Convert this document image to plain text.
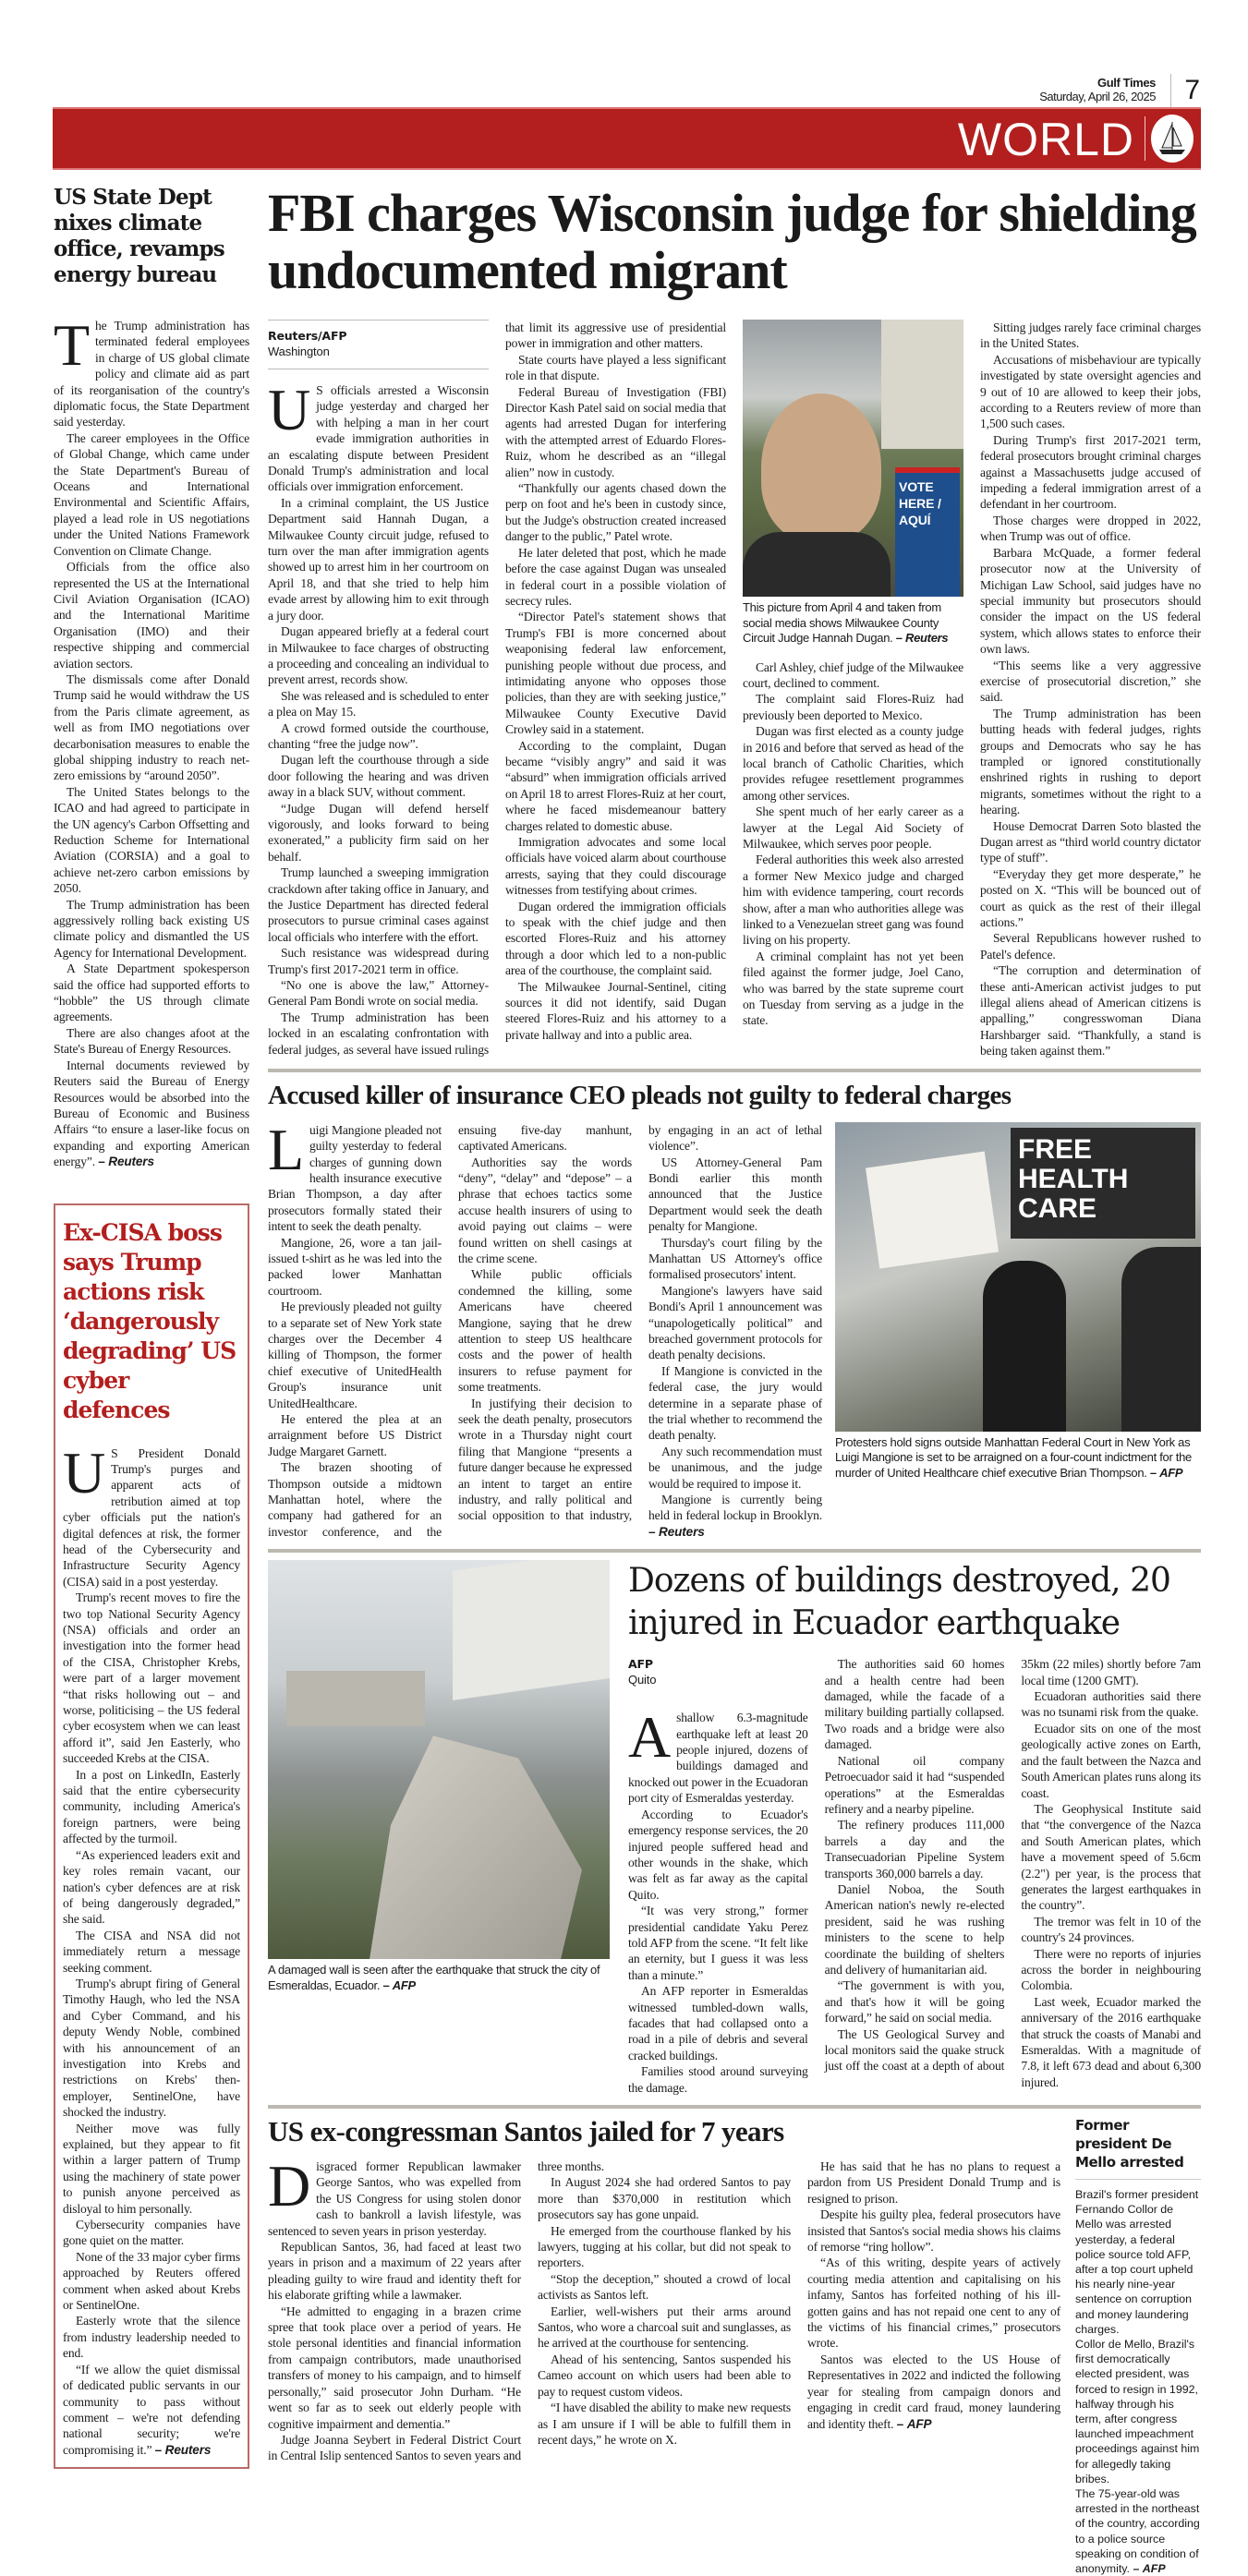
Gulf Times
Saturday, April 26, 2025	7
WORLD
US State Dept nixes climate office, revamps energy bureau

The Trump administration has terminated federal employees in charge of US global climate policy and climate aid as part of its reorganisation of the country's diplomatic focus, the State Department said yesterday.

The career employees in the Office of Global Change, which came under the State Department's Bureau of Oceans and International Environmental and Scientific Affairs, played a lead role in US negotiations under the United Nations Framework Convention on Climate Change.

Officials from the office also represented the US at the International Civil Aviation Organisation (ICAO) and the International Maritime Organisation (IMO) and their respective shipping and commercial aviation sectors.

The dismissals come after Donald Trump said he would withdraw the US from the Paris climate agreement, as well as from IMO negotiations over decarbonisation measures to enable the global shipping industry to reach net-zero emissions by “around 2050”.

The United States belongs to the ICAO and had agreed to participate in the UN agency's Carbon Offsetting and Reduction Scheme for International Aviation (CORSIA) and a goal to achieve net-zero carbon emissions by 2050.

The Trump administration has been aggressively rolling back existing US climate policy and dismantled the US Agency for International Development.

A State Department spokesperson said the office had supported efforts to “hobble” the US through climate agreements.

There are also changes afoot at the State's Bureau of Energy Resources.

Internal documents reviewed by Reuters said the Bureau of Energy Resources would be absorbed into the Bureau of Economic and Business Affairs “to ensure a laser-like focus on expanding and exporting American energy”. – Reuters

Ex-CISA boss says Trump actions risk ‘dangerously degrading’ US cyber defences

US President Donald Trump's purges and apparent acts of retribution aimed at top cyber officials put the nation's digital defences at risk, the former head of the Cybersecurity and Infrastructure Security Agency (CISA) said in a post yesterday.

Trump's recent moves to fire the two top National Security Agency (NSA) officials and order an investigation into the former head of the CISA, Christopher Krebs, were part of a larger movement “that risks hollowing out – and worse, politicising – the US federal cyber ecosystem when we can least afford it”, said Jen Easterly, who succeeded Krebs at the CISA.

In a post on LinkedIn, Easterly said that the entire cybersecurity community, including America's foreign partners, were being affected by the turmoil.

“As experienced leaders exit and key roles remain vacant, our nation's cyber defences are at risk of being dangerously degraded,” she said.

The CISA and NSA did not immediately return a message seeking comment.

Trump's abrupt firing of General Timothy Haugh, who led the NSA and Cyber Command, and his deputy Wendy Noble, combined with his announcement of an investigation into Krebs and restrictions on Krebs' then-employer, SentinelOne, have shocked the industry.

Neither move was fully explained, but they appear to fit within a larger pattern of Trump using the machinery of state power to punish anyone perceived as disloyal to him personally.

Cybersecurity companies have gone quiet on the matter.

None of the 33 major cyber firms approached by Reuters offered comment when asked about Krebs or SentinelOne.

Easterly wrote that the silence from industry leadership needed to end.

“If we allow the quiet dismissal of dedicated public servants in our community to pass without comment – we're not defending national security; we're compromising it.” – Reuters

FBI charges Wisconsin judge for shielding undocumented migrant
Reuters/AFP
Washington

US officials arrested a Wisconsin judge yesterday and charged her with helping a man in her court evade immigration authorities in an escalating dispute between President Donald Trump's administration and local officials over immigration enforcement.

In a criminal complaint, the US Justice Department said Hannah Dugan, a Milwaukee County circuit judge, refused to turn over the man after immigration agents showed up to arrest him in her courtroom on April 18, and that she tried to help him evade arrest by allowing him to exit through a jury door.

Dugan appeared briefly at a federal court in Milwaukee to face charges of obstructing a proceeding and concealing an individual to prevent arrest, records show.

She was released and is scheduled to enter a plea on May 15.

A crowd formed outside the courthouse, chanting “free the judge now”.

Dugan left the courthouse through a side door following the hearing and was driven away in a black SUV, without comment.

“Judge Dugan will defend herself vigorously, and looks forward to being exonerated,” a publicity firm said on her behalf.

Trump launched a sweeping immigration crackdown after taking office in January, and the Justice Department has directed federal prosecutors to pursue criminal cases against local officials who interfere with the effort.

Such resistance was widespread during Trump's first 2017-2021 term in office.

“No one is above the law,” Attorney-General Pam Bondi wrote on social media.

The Trump administration has been locked in an escalating confrontation with federal judges, as several have issued rulings that limit its aggressive use of presidential power in immigration and other matters.

State courts have played a less significant role in that dispute.

Federal Bureau of Investigation (FBI) Director Kash Patel said on social media that agents had arrested Dugan for interfering with the attempted arrest of Eduardo Flores-Ruiz, whom he described as an “illegal alien” now in custody.

“Thankfully our agents chased down the perp on foot and he's been in custody since, but the Judge's obstruction created increased danger to the public,” Patel wrote.

He later deleted that post, which he made before the case against Dugan was unsealed in federal court in a possible violation of secrecy rules.

“Director Patel's statement shows that Trump's FBI is more concerned about weaponising federal law enforcement, punishing people without due process, and intimidating anyone who opposes those policies, than they are with seeking justice,” Milwaukee County Executive David Crowley said in a statement.

According to the complaint, Dugan became “visibly angry” and said it was “absurd” when immigration officials arrived on April 18 to arrest Flores-Ruiz at her court, where he faced misdemeanour battery charges related to domestic abuse.

Immigration advocates and some local officials have voiced alarm about courthouse arrests, saying that they could discourage witnesses from testifying about crimes.

Dugan ordered the immigration officials to speak with the chief judge and then escorted Flores-Ruiz and his attorney through a door which led to a non-public area of the courthouse, the complaint said.

The Milwaukee Journal-Sentinel, citing sources it did not identify, said Dugan steered Flores-Ruiz and his attorney to a private hallway and into a public area.

VOTE HERE / AQUÍ
This picture from April 4 and taken from social media shows Milwaukee County Circuit Judge Hannah Dugan. – Reuters

Carl Ashley, chief judge of the Milwaukee court, declined to comment.

The complaint said Flores-Ruiz had previously been deported to Mexico.

Dugan was first elected as a county judge in 2016 and before that served as head of the local branch of Catholic Charities, which provides refugee resettlement programmes among other services.

She spent much of her early career as a lawyer at the Legal Aid Society of Milwaukee, which serves poor people.

Federal authorities this week also arrested a former New Mexico judge and charged him with evidence tampering, court records show, after a man who authorities allege was linked to a Venezuelan street gang was found living on his property.

A criminal complaint has not yet been filed against the former judge, Joel Cano, who was barred by the state supreme court on Tuesday from serving as a judge in the state.

Sitting judges rarely face criminal charges in the United States.

Accusations of misbehaviour are typically investigated by state oversight agencies and 9 out of 10 are allowed to keep their jobs, according to a Reuters review of more than 1,500 such cases.

During Trump's first 2017-2021 term, federal prosecutors brought criminal charges against a Massachusetts judge accused of impeding a federal immigration arrest of a defendant in her courtroom.

Those charges were dropped in 2022, when Trump was out of office.

Barbara McQuade, a former federal prosecutor now at the University of Michigan Law School, said judges have no special immunity but prosecutors should consider the impact on the US federal system, which allows states to enforce their own laws.

“This seems like a very aggressive exercise of prosecutorial discretion,” she said.

The Trump administration has been butting heads with federal judges, rights groups and Democrats who say he has trampled or ignored constitutionally enshrined rights in rushing to deport migrants, sometimes without the right to a hearing.

House Democrat Darren Soto blasted the Dugan arrest as “third world country dictator type of stuff”.

“Everyday they get more desperate,” he posted on X. “This will be bounced out of court as quick as the rest of their illegal actions.”

Several Republicans however rushed to Patel's defence.

“The corruption and determination of these anti-American activist judges to put illegal aliens ahead of American citizens is appalling,” congresswoman Diana Harshbarger said. “Thankfully, a stand is being taken against them.”

Accused killer of insurance CEO pleads not guilty to federal charges

Luigi Mangione pleaded not guilty yesterday to federal charges of gunning down health insurance executive Brian Thompson, a day after prosecutors formally stated their intent to seek the death penalty.

Mangione, 26, wore a tan jail-issued t-shirt as he was led into the packed lower Manhattan courtroom.

He previously pleaded not guilty to a separate set of New York state charges over the December 4 killing of Thompson, the former chief executive of UnitedHealth Group's insurance unit UnitedHealthcare.

He entered the plea at an arraignment before US District Judge Margaret Garnett.

The brazen shooting of Thompson outside a midtown Manhattan hotel, where the company had gathered for an investor conference, and the ensuing five-day manhunt, captivated Americans.

Authorities say the words “deny”, “delay” and “depose” – a phrase that echoes tactics some accuse health insurers of using to avoid paying out claims – were found written on shell casings at the crime scene.

While public officials condemned the killing, some Americans have cheered Mangione, saying that he drew attention to steep US healthcare costs and the power of health insurers to refuse payment for some treatments.

In justifying their decision to seek the death penalty, prosecutors wrote in a Thursday night court filing that Mangione “presents a future danger because he expressed an intent to target an entire industry, and rally political and social opposition to that industry, by engaging in an act of lethal violence”.

US Attorney-General Pam Bondi earlier this month announced that the Justice Department would seek the death penalty for Mangione.

Thursday's court filing by the Manhattan US Attorney's office formalised prosecutors' intent.

Mangione's lawyers have said Bondi's April 1 announcement was “unapologetically political” and breached government protocols for death penalty decisions.

If Mangione is convicted in the federal case, the jury would determine in a separate phase of the trial whether to recommend the death penalty.

Any such recommendation must be unanimous, and the judge would be required to impose it.

Mangione is currently being held in federal lockup in Brooklyn. – Reuters

FREE HEALTH CARE
Protesters hold signs outside Manhattan Federal Court in New York as Luigi Mangione is set to be arraigned on a four-count indictment for the murder of United Healthcare chief executive Brian Thompson. – AFP
A damaged wall is seen after the earthquake that struck the city of Esmeraldas, Ecuador. – AFP
Dozens of buildings destroyed, 20 injured in Ecuador earthquake
AFP
Quito

Ashallow 6.3-magnitude earthquake left at least 20 people injured, dozens of buildings damaged and knocked out power in the Ecuadoran port city of Esmeraldas yesterday.

According to Ecuador's emergency response services, the 20 injured people suffered head and other wounds in the shake, which was felt as far away as the capital Quito.

“It was very strong,” former presidential candidate Yaku Perez told AFP from the scene. “It felt like an eternity, but I guess it was less than a minute.”

An AFP reporter in Esmeraldas witnessed tumbled-down walls, facades that had collapsed onto a road in a pile of debris and several cracked buildings.

Families stood around surveying the damage.

The authorities said 60 homes and a health centre had been damaged, while the facade of a military building partially collapsed. Two roads and a bridge were also damaged.

National oil company Petroecuador said it had “suspended operations” at the Esmeraldas refinery and a nearby pipeline.

The refinery produces 111,000 barrels a day and the Transecuadorian Pipeline System transports 360,000 barrels a day.

Daniel Noboa, the South American nation's newly re-elected president, said he was rushing ministers to the scene to help coordinate the building of shelters and delivery of humanitarian aid.

“The government is with you, and that's how it will be going forward,” he said on social media.

The US Geological Survey and local monitors said the quake struck just off the coast at a depth of about 35km (22 miles) shortly before 7am local time (1200 GMT).

Ecuadoran authorities said there was no tsunami risk from the quake.

Ecuador sits on one of the most geologically active zones on Earth, and the fault between the Nazca and South American plates runs along its coast.

The Geophysical Institute said that “the convergence of the Nazca and South American plates, which have a movement speed of 5.6cm (2.2") per year, is the process that generates the largest earthquakes in the country”.

The tremor was felt in 10 of the country's 24 provinces.

There were no reports of injuries across the border in neighbouring Colombia.

Last week, Ecuador marked the anniversary of the 2016 earthquake that struck the coasts of Manabi and Esmeraldas. With a magnitude of 7.8, it left 673 dead and about 6,300 injured.

US ex-congressman Santos jailed for 7 years

Disgraced former Republican lawmaker George Santos, who was expelled from the US Congress for using stolen donor cash to bankroll a lavish lifestyle, was sentenced to seven years in prison yesterday.

Republican Santos, 36, had faced at least two years in prison and a maximum of 22 years after pleading guilty to wire fraud and identity theft for his elaborate grifting while a lawmaker.

“He admitted to engaging in a brazen crime spree that took place over a period of years. He stole personal identities and financial information from campaign contributors, made unauthorised transfers of money to his campaign, and to himself personally,” said prosecutor John Durham. “He went so far as to seek out elderly people with cognitive impairment and dementia.”

Judge Joanna Seybert in Federal District Court in Central Islip sentenced Santos to seven years and three months.

In August 2024 she had ordered Santos to pay more than $370,000 in restitution which prosecutors say has gone unpaid.

He emerged from the courthouse flanked by his lawyers, tugging at his collar, but did not speak to reporters.

“Stop the deception,” shouted a crowd of local activists as Santos left.

Earlier, well-wishers put their arms around Santos, who wore a charcoal suit and sunglasses, as he arrived at the courthouse for sentencing.

Ahead of his sentencing, Santos suspended his Cameo account on which users had been able to pay to request custom videos.

“I have disabled the ability to make new requests as I am unsure if I will be able to fulfill them in recent days,” he wrote on X.

He has said that he has no plans to request a pardon from US President Donald Trump and is resigned to prison.

Despite his guilty plea, federal prosecutors have insisted that Santos's social media shows his claims of remorse “ring hollow”.

“As of this writing, despite years of actively courting media attention and capitalising on his infamy, Santos has forfeited nothing of his ill-gotten gains and has not repaid one cent to any of the victims of his financial crimes,” prosecutors wrote.

Santos was elected to the US House of Representatives in 2022 and indicted the following year for stealing from campaign donors and engaging in credit card fraud, money laundering and identity theft. – AFP

Former president De Mello arrested

Brazil's former president Fernando Collor de Mello was arrested yesterday, a federal police source told AFP, after a top court upheld his nearly nine-year sentence on corruption and money laundering charges.

Collor de Mello, Brazil's first democratically elected president, was forced to resign in 1992, halfway through his term, after congress launched impeachment proceedings against him for allegedly taking bribes.

The 75-year-old was arrested in the northeast of the country, according to a police source speaking on condition of anonymity. – AFP
